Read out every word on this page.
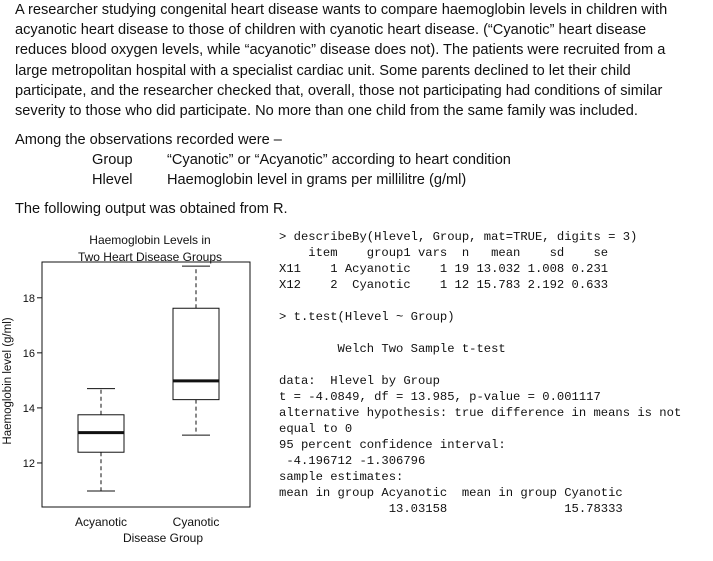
A researcher studying congenital heart disease wants to compare haemoglobin levels in children with
acyanotic heart disease to those of children with cyanotic heart disease. (“Cyanotic” heart disease
reduces blood oxygen levels, while “acyanotic” disease does not). The patients were recruited from a
large metropolitan hospital with a specialist cardiac unit. Some parents declined to let their child
participate, and the researcher checked that, overall, those not participating had conditions of similar
severity to those who did participate. No more than one child from the same family was included.
Among the observations recorded were –
Group “Cyanotic” or “Acyanotic” according to heart condition
Hlevel Haemoglobin level in grams per millilitre (g/ml)
The following output was obtained from R.
Haemoglobin Levels in
Two Heart Disease Groups
Haemoglobin level (g/ml)
Disease Group
12
14
16
18
Acyanotic	Cyanotic
> describeBy(Hlevel, Group, mat=TRUE, digits = 3)
item    group1 vars  n   mean    sd    se
X11    1 Acyanotic    1 19 13.032 1.008 0.231
X12    2  Cyanotic    1 12 15.783 2.192 0.633
> t.test(Hlevel ~ Group)
Welch Two Sample t-test
data:  Hlevel by Group
t = -4.0849, df = 13.985, p-value = 0.001117
alternative hypothesis: true difference in means is not
equal to 0
95 percent confidence interval:
-4.196712 -1.306796
sample estimates:
mean in group Acyanotic  mean in group Cyanotic
13.03158                15.78333
